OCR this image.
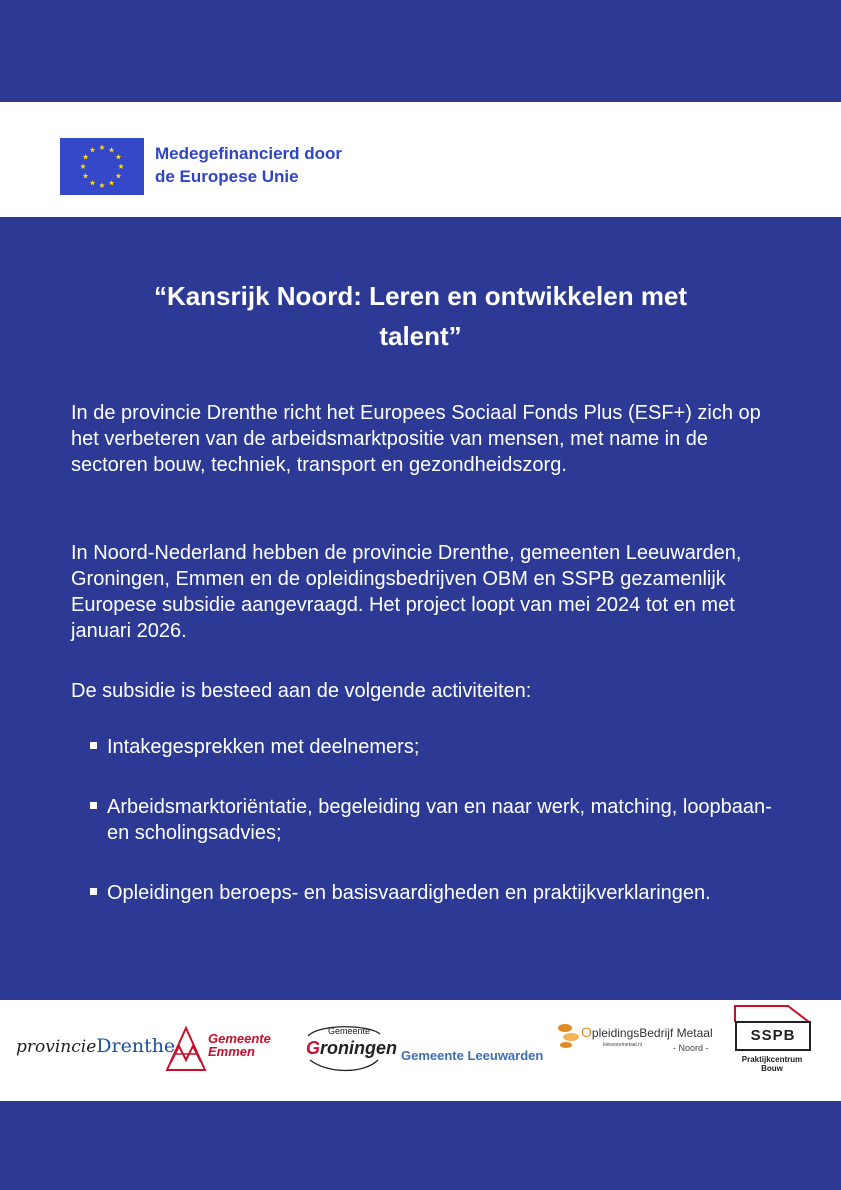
Medegefinancierd door
de Europese Unie
“Kansrijk Noord: Leren en ontwikkelen met
talent”

In de provincie Drenthe richt het Europees Sociaal Fonds Plus (ESF+) zich op het verbeteren van de arbeidsmarktpositie van mensen, met name in de sectoren bouw, techniek, transport en gezondheidszorg.

In Noord-Nederland hebben de provincie Drenthe, gemeenten Leeuwarden, Groningen, Emmen en de opleidingsbedrijven OBM en SSPB gezamenlijk Europese subsidie aangevraagd. Het project loopt van mei 2024 tot en met januari 2026.

De subsidie is besteed aan de volgende activiteiten:

Intakegesprekken met deelnemers;
Arbeidsmarktoriëntatie, begeleiding van en naar werk, matching, loopbaan- en scholingsadvies;
Opleidingen beroeps- en basisvaardigheden en praktijkverklaringen.
provincieDrenthe	Gemeente
Emmen
Gemeente
Groningen Gemeente Leeuwarden
OpleidingsBedrijf Metaal
kiesvoormetaal.nl	- Noord -
SSPB
Praktijkcentrum
Bouw
